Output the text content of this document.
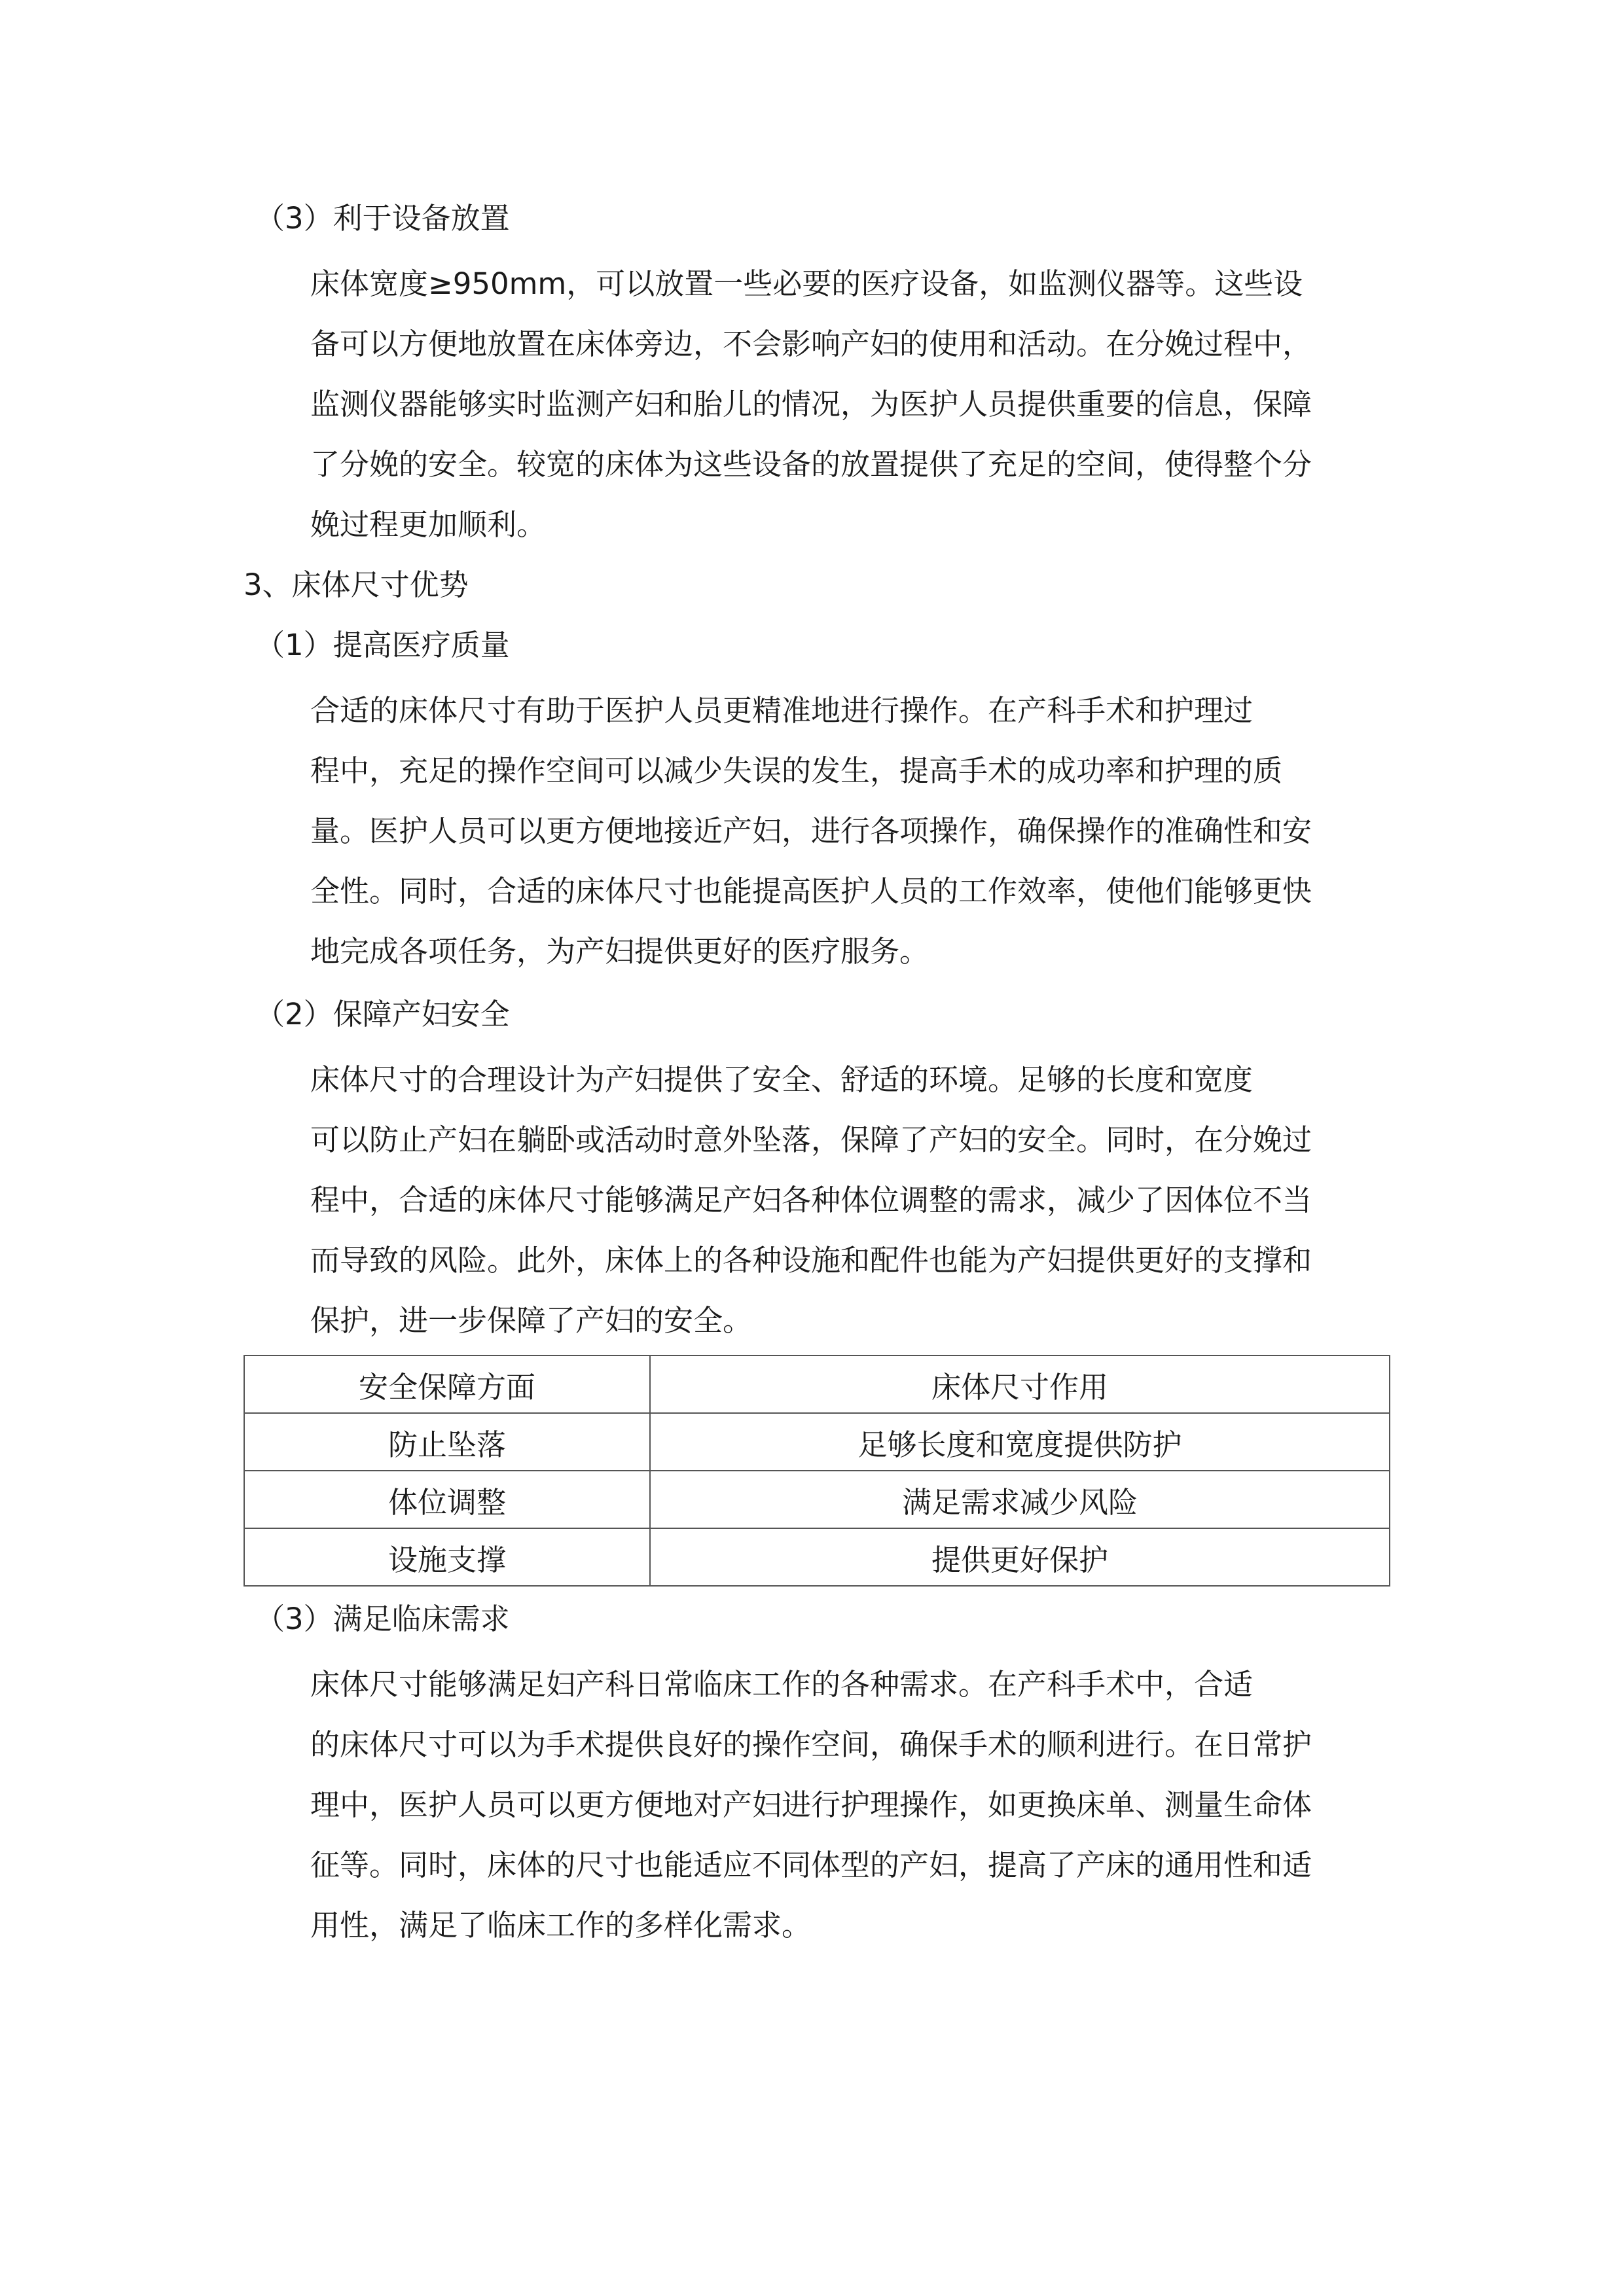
（3）利于设备放置

床体宽度≥950mm，可以放置一些必要的医疗设备，如监测仪器等。这些设
备可以方便地放置在床体旁边，不会影响产妇的使用和活动。在分娩过程中，
监测仪器能够实时监测产妇和胎儿的情况，为医护人员提供重要的信息，保障
了分娩的安全。较宽的床体为这些设备的放置提供了充足的空间，使得整个分
娩过程更加顺利。

3、床体尺寸优势

（1）提高医疗质量

合适的床体尺寸有助于医护人员更精准地进行操作。在产科手术和护理过
程中，充足的操作空间可以减少失误的发生，提高手术的成功率和护理的质
量。医护人员可以更方便地接近产妇，进行各项操作，确保操作的准确性和安
全性。同时，合适的床体尺寸也能提高医护人员的工作效率，使他们能够更快
地完成各项任务，为产妇提供更好的医疗服务。

（2）保障产妇安全

床体尺寸的合理设计为产妇提供了安全、舒适的环境。足够的长度和宽度
可以防止产妇在躺卧或活动时意外坠落，保障了产妇的安全。同时，在分娩过
程中，合适的床体尺寸能够满足产妇各种体位调整的需求，减少了因体位不当
而导致的风险。此外，床体上的各种设施和配件也能为产妇提供更好的支撑和
保护，进一步保障了产妇的安全。

安全保障方面	床体尺寸作用
防止坠落	足够长度和宽度提供防护
体位调整	满足需求减少风险
设施支撑	提供更好保护

（3）满足临床需求

床体尺寸能够满足妇产科日常临床工作的各种需求。在产科手术中，合适
的床体尺寸可以为手术提供良好的操作空间，确保手术的顺利进行。在日常护
理中，医护人员可以更方便地对产妇进行护理操作，如更换床单、测量生命体
征等。同时，床体的尺寸也能适应不同体型的产妇，提高了产床的通用性和适
用性，满足了临床工作的多样化需求。
